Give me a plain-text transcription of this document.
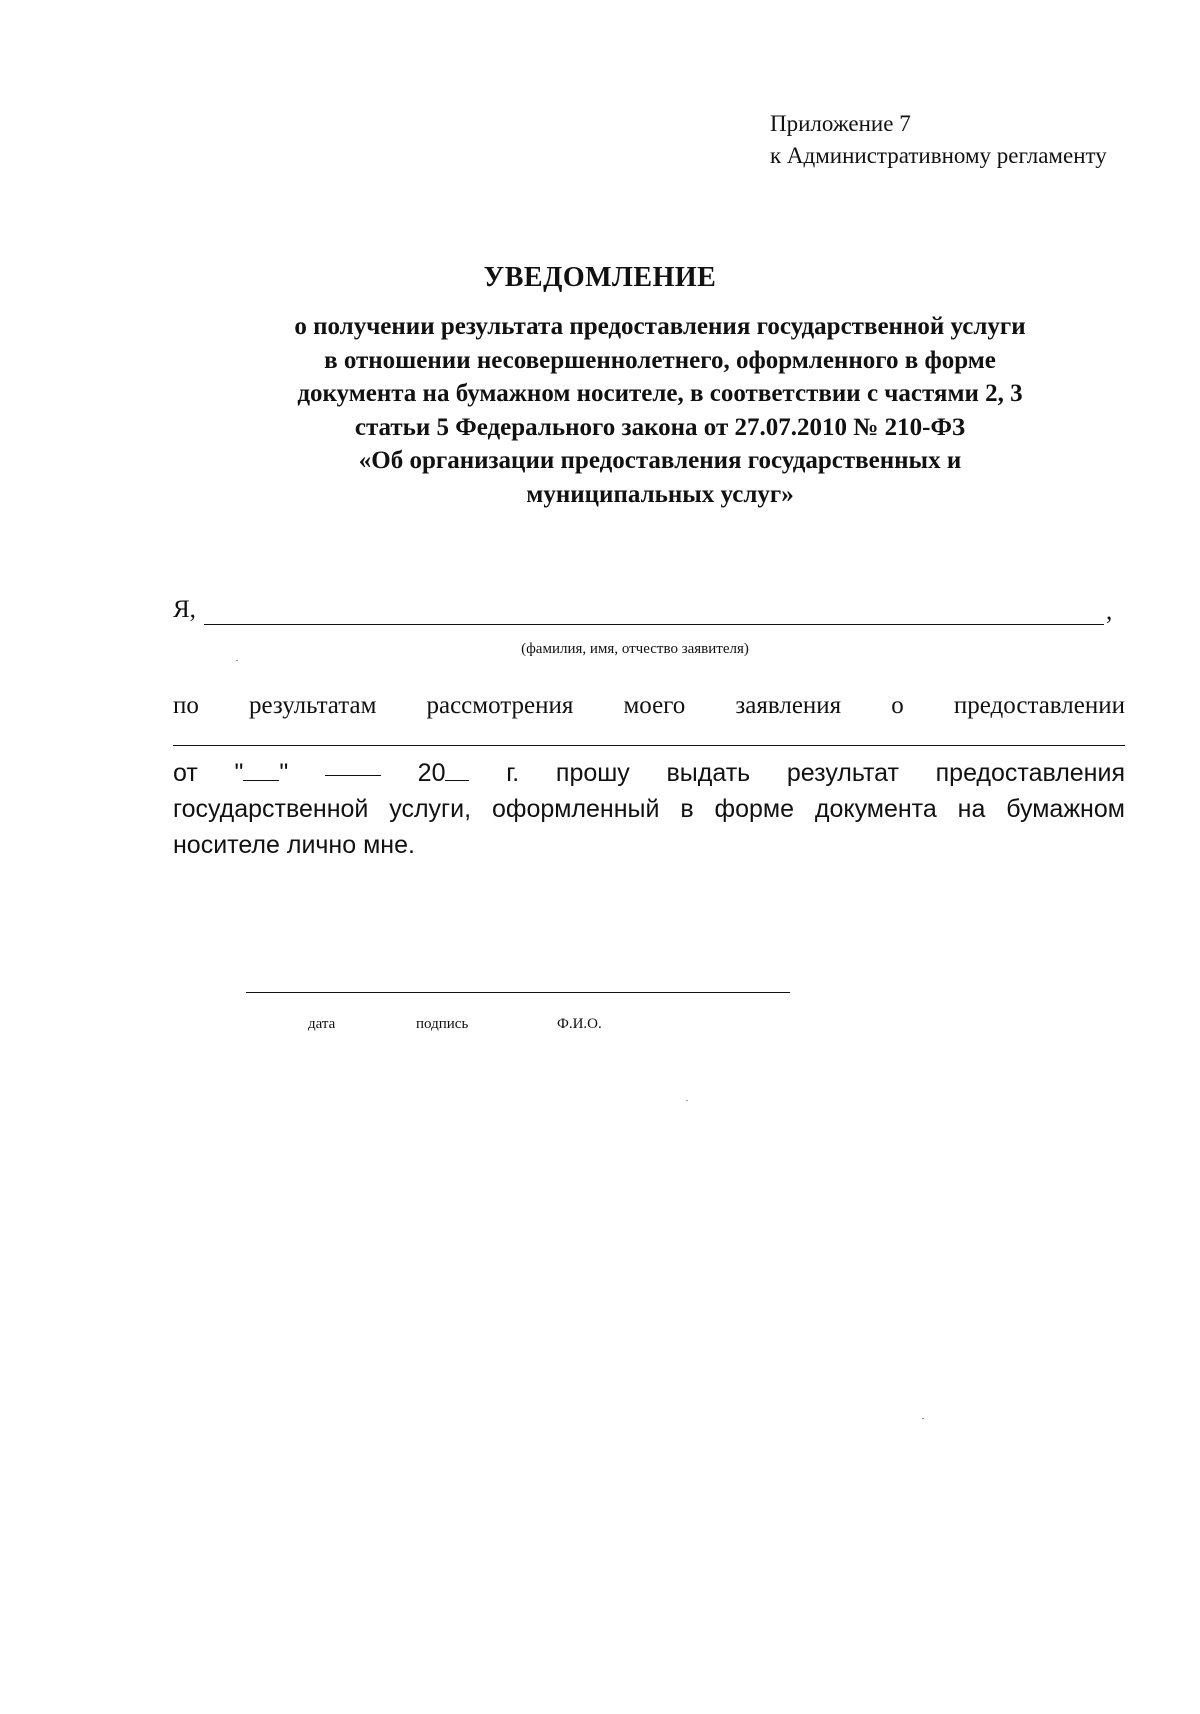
Приложение 7
к Административному регламенту
УВЕДОМЛЕНИЕ
о получении результата предоставления государственной услуги
в отношении несовершеннолетнего, оформленного в форме
документа на бумажном носителе, в соответствии с частями 2, 3
статьи 5 Федерального закона от 27.07.2010 № 210-ФЗ
«Об организации предоставления государственных и
муниципальных услуг»
Я,	,
(фамилия, имя, отчество заявителя)
по результатам рассмотрения моего заявления о предоставлении
от " "	20	г. прошу выдать результат предоставления
государственной услуги, оформленный в форме документа на бумажном
носителе лично мне.
дата	подпись	Ф.И.О.
